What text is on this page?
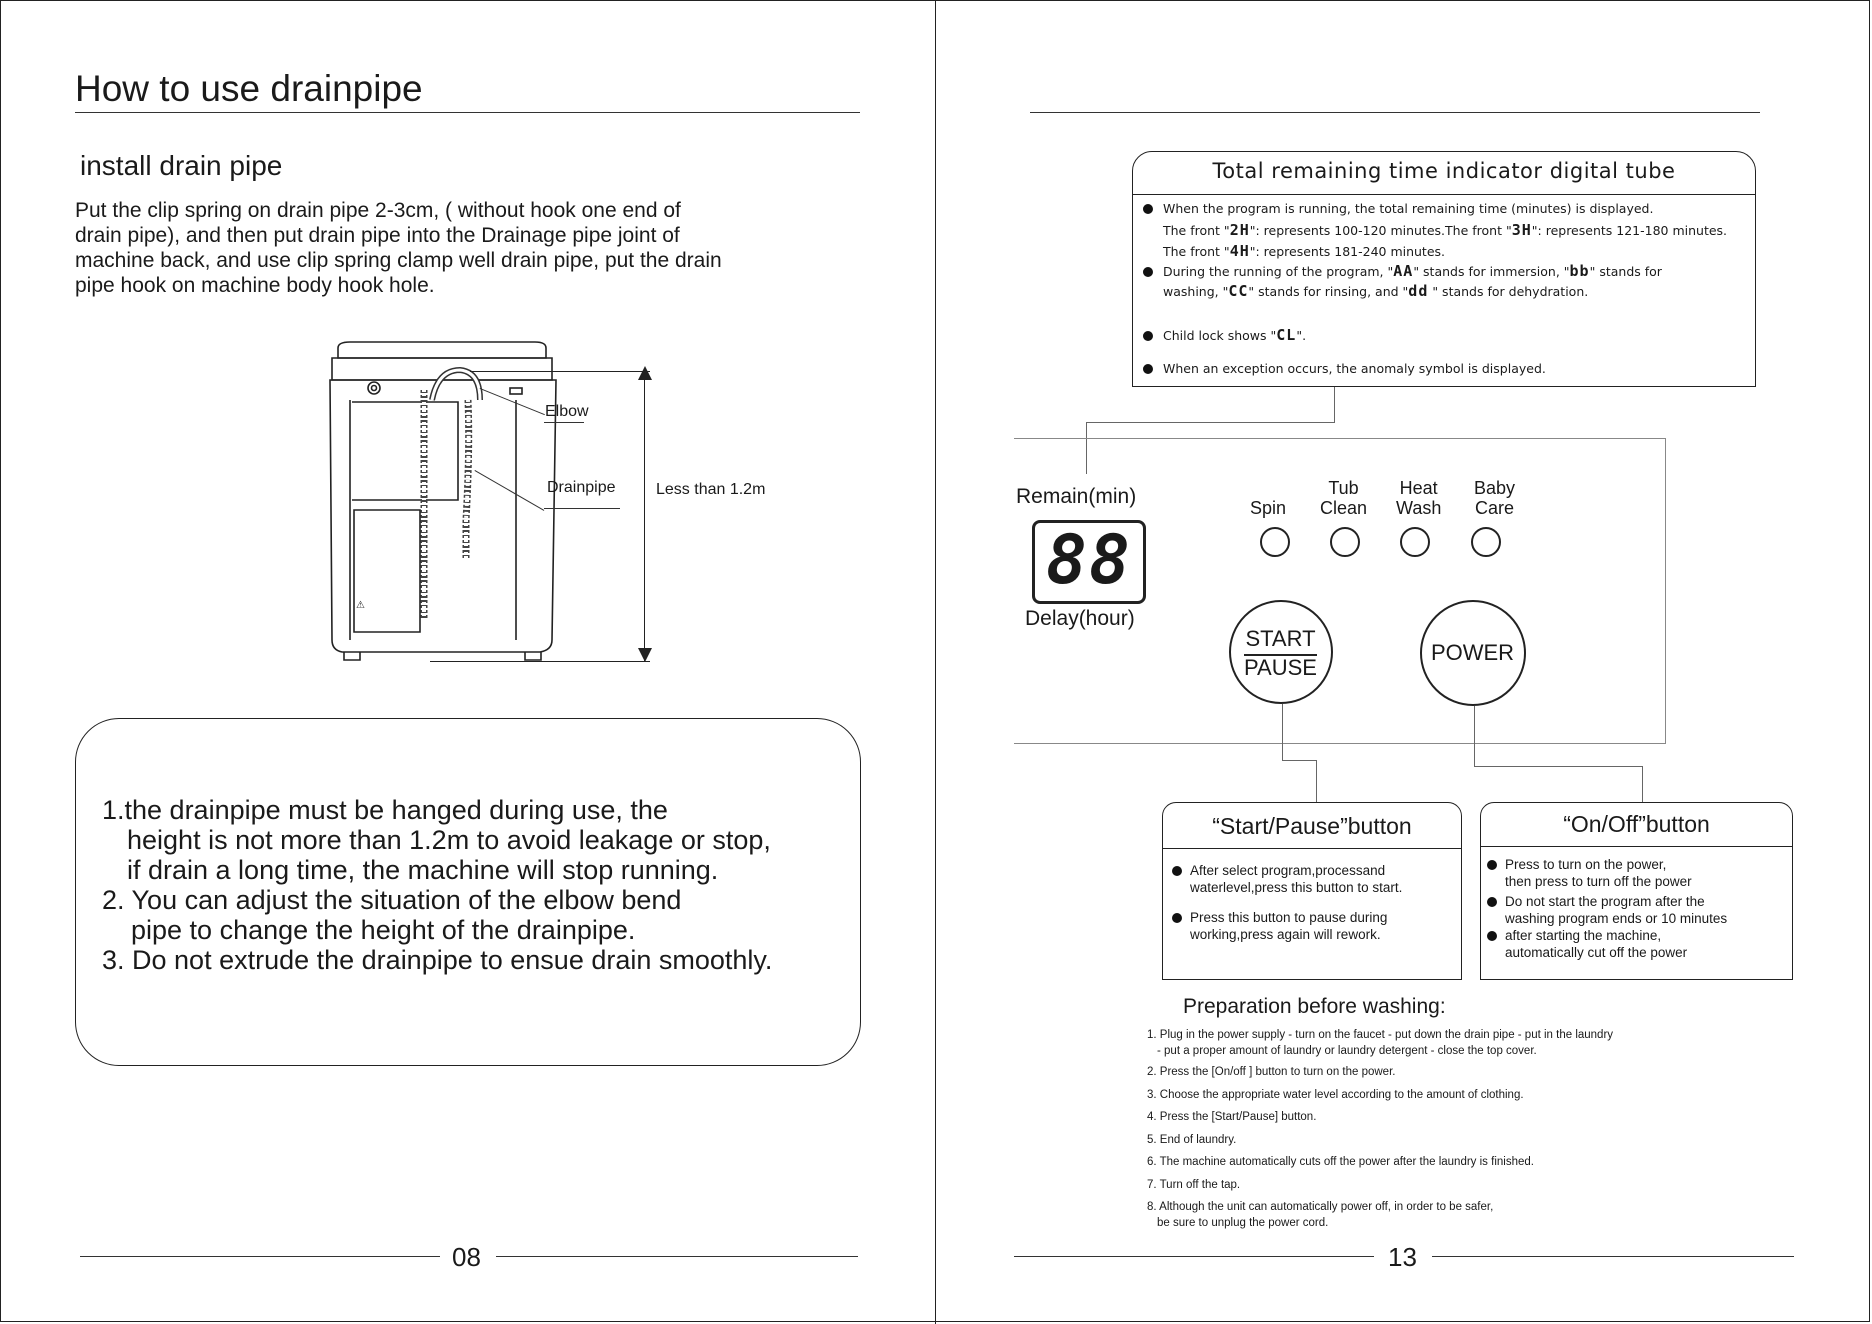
How to use drainpipe
install drain pipe
Put the clip spring on drain pipe 2-3cm, ( without hook one end of
drain pipe), and then put drain pipe into the Drainage pipe joint of
machine back, and use clip spring clamp well drain pipe, put the drain
pipe hook on machine body hook hole.
⚠
Elbow
Drainpipe	Less than 1.2m
1.the drainpipe must be hanged during use, the
height is not more than 1.2m to avoid leakage or stop,
if drain a long time, the machine will stop running.
2. You can adjust the situation of the elbow bend
pipe to change the height of the drainpipe.
3. Do not extrude the drainpipe to ensue drain smoothly.
08
Total remaining time indicator digital tube
When the program is running, the total remaining time (minutes) is displayed.
The front "2H": represents 100-120 minutes.The front "3H": represents 121-180 minutes.
The front "4H": represents 181-240 minutes.
During the running of the program, "AA" stands for immersion, "bb" stands for
washing, "CC" stands for rinsing, and "dd " stands for dehydration.
Child lock shows "CL".
When an exception occurs, the anomaly symbol is displayed.
Remain(min)
88
Delay(hour)
Spin
Tub
Clean
Heat
Wash
Baby
Care
START
PAUSE
POWER
“Start/Pause”button
After select program,processand
waterlevel,press this button to start.
Press this button to pause during
working,press again will rework.
“On/Off”button
Press to turn on the power,
then press to turn off the power
Do not start the program after the
washing program ends or 10 minutes
after starting the machine,
automatically cut off the power
Preparation before washing:
1. Plug in the power supply - turn on the faucet - put down the drain pipe - put in the laundry
- put a proper amount of laundry or laundry detergent - close the top cover.
2. Press the [On/off ] button to turn on the power.
3. Choose the appropriate water level according to the amount of clothing.
4. Press the [Start/Pause] button.
5. End of laundry.
6. The machine automatically cuts off the power after the laundry is finished.
7. Turn off the tap.
8. Although the unit can automatically power off, in order to be safer,
be sure to unplug the power cord.
13
